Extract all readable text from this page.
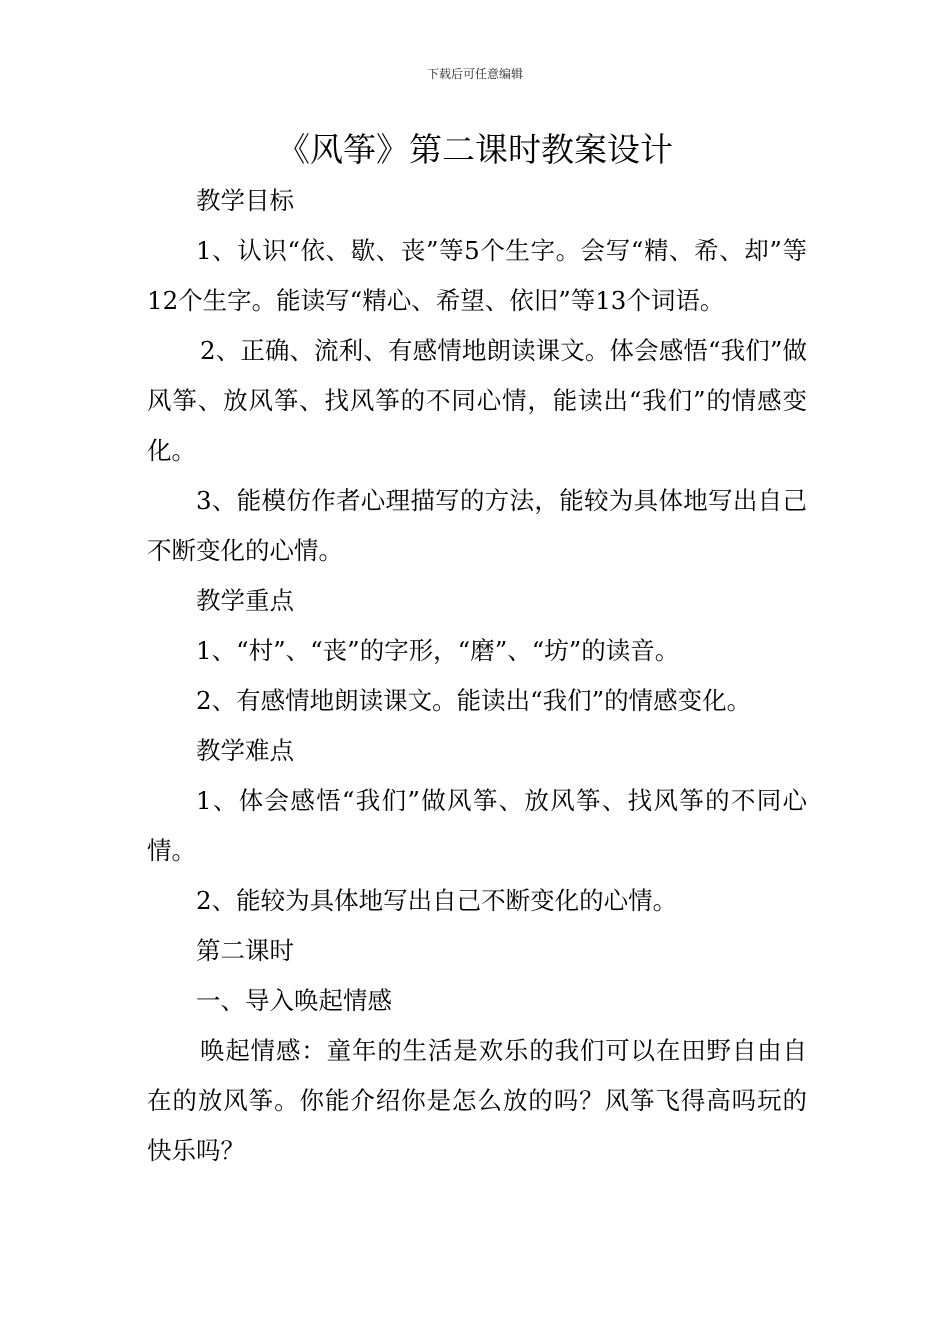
下载后可任意编辑
《风筝》第二课时教案设计

教学目标

1、认识“依、歇、丧”等5个生字。会写“精、希、却”等12个生字。能读写“精心、希望、依旧”等13个词语。

2、正确、流利、有感情地朗读课文。体会感悟“我们”做风筝、放风筝、找风筝的不同心情，能读出“我们”的情感变化。

3、能模仿作者心理描写的方法，能较为具体地写出自己不断变化的心情。

教学重点

1、“村”、“丧”的字形，“磨”、“坊”的读音。

2、有感情地朗读课文。能读出“我们”的情感变化。

教学难点

1、体会感悟“我们”做风筝、放风筝、找风筝的不同心情。

2、能较为具体地写出自己不断变化的心情。

第二课时

一、导入唤起情感

唤起情感：童年的生活是欢乐的我们可以在田野自由自在的放风筝。你能介绍你是怎么放的吗？风筝飞得高吗玩的快乐吗？
